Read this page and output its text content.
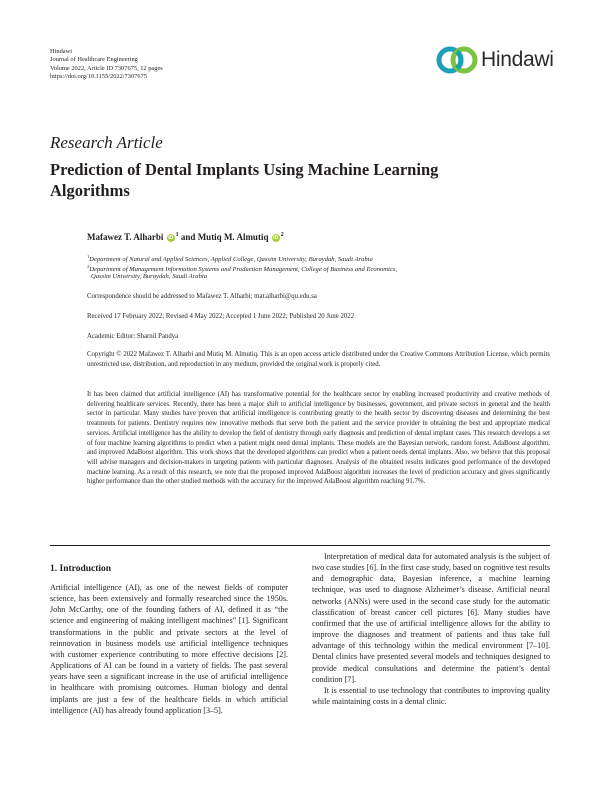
Hindawi
Journal of Healthcare Engineering
Volume 2022, Article ID 7307675, 12 pages
https://doi.org/10.1155/2022/7307675
Hindawi
Research Article
Prediction of Dental Implants Using Machine Learning Algorithms
Mafawez T. Alharbi iD $^1$ and Mutiq M. Almutiq iD $^2$
$^1$Department of Natural and Applied Sciences, Applied College, Qassim University, Buraydah, Saudi Arabia
$^2$Department of Management Information Systems and Production Management, College of Business and Economics,
Qassim University, Buraydah, Saudi Arabia
Correspondence should be addressed to Mafawez T. Alharbi; mat.alharbi@qu.edu.sa
Received 17 February 2022; Revised 4 May 2022; Accepted 1 June 2022; Published 20 June 2022
Academic Editor: Sharnil Pandya
Copyright © 2022 Mafawez T. Alharbi and Mutiq M. Almutiq. This is an open access article distributed under the Creative Commons Attribution License, which permits unrestricted use, distribution, and reproduction in any medium, provided the original work is properly cited.
It has been claimed that artificial intelligence (AI) has transformative potential for the healthcare sector by enabling increased productivity and creative methods of delivering healthcare services. Recently, there has been a major shift to artificial intelligence by businesses, government, and private sectors in general and the health sector in particular. Many studies have proven that artificial intelligence is contributing greatly to the health sector by discovering diseases and determining the best treatments for patients. Dentistry requires new innovative methods that serve both the patient and the service provider in obtaining the best and appropriate medical services. Artificial intelligence has the ability to develop the field of dentistry through early diagnosis and prediction of dental implant cases. This research develops a set of four machine learning algorithms to predict when a patient might need dental implants. These models are the Bayesian network, random forest, AdaBoost algorithm, and improved AdaBoost algorithm. This work shows that the developed algorithms can predict when a patient needs dental implants. Also, we believe that this proposal will advise managers and decision-makers in targeting patients with particular diagnoses. Analysis of the obtained results indicates good performance of the developed machine learning. As a result of this research, we note that the proposed improved AdaBoost algorithm increases the level of prediction accuracy and gives significantly higher performance than the other studied methods with the accuracy for the improved AdaBoost algorithm reaching 91.7%.
1. Introduction

Artificial intelligence (AI), as one of the newest fields of computer science, has been extensively and formally researched since the 1950s. John McCarthy, one of the founding fathers of AI, defined it as “the science and engineering of making intelligent machines” [1]. Significant transformations in the public and private sectors at the level of reinnovation in business models use artificial intelligence techniques with customer experience contributing to more effective decisions [2]. Applications of AI can be found in a variety of fields. The past several years have seen a significant increase in the use of artificial intelligence in healthcare with promising outcomes. Human biology and dental implants are just a few of the healthcare fields in which artificial intelligence (AI) has already found application [3–5].

Interpretation of medical data for automated analysis is the subject of two case studies [6]. In the first case study, based on cognitive test results and demographic data, Bayesian inference, a machine learning technique, was used to diagnose Alzheimer’s disease. Artificial neural networks (ANNs) were used in the second case study for the automatic classification of breast cancer cell pictures [6]. Many studies have confirmed that the use of artificial intelligence allows for the ability to improve the diagnoses and treatment of patients and thus take full advantage of this technology within the medical environment [7–10]. Dental clinics have presented several models and techniques designed to provide medical consultations and determine the patient’s dental condition [7].

It is essential to use technology that contributes to improving quality while maintaining costs in a dental clinic.
